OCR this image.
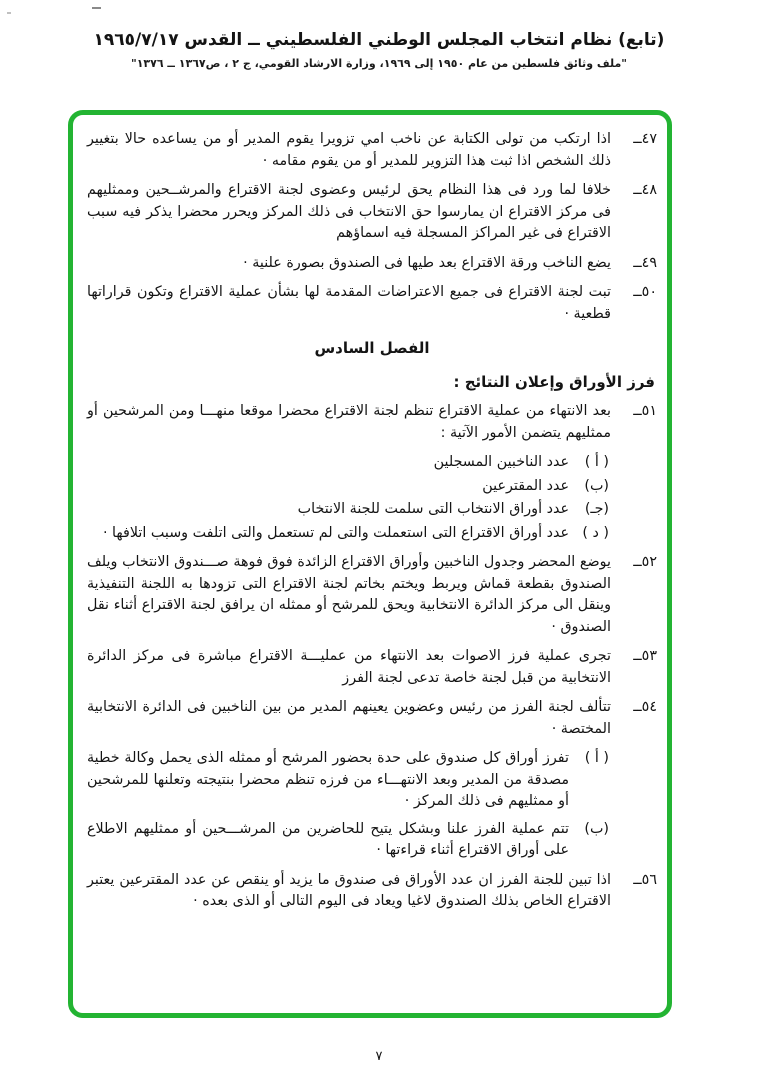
(تابع) نظام انتخاب المجلس الوطني الفلسطيني ــ القدس ١٩٦٥/٧/١٧
"ملف وثائق فلسطين من عام ١٩٥٠ إلى ١٩٦٩، وزارة الارشاد القومي، ج ٢ ، ص١٣٦٧ ــ ١٣٧٦"
٤٧ــ
اذا ارتكب من تولى الكتابة عن ناخب امي تزويرا يقوم المدير أو من يساعده حالا بتغيير ذلك الشخص اذا ثبت هذا التزوير للمدير أو من يقوم مقامه ·
٤٨ــ
خلافا لما ورد فى هذا النظام يحق لرئيس وعضوى لجنة الاقتراع والمرشــحين وممثليهم فى مركز الاقتراع ان يمارسوا حق الانتخاب فى ذلك المركز ويحرر محضرا يذكر فيه سبب الاقتراع فى غير المراكز المسجلة فيه اسماؤهم
٤٩ــ
يضع الناخب ورقة الاقتراع بعد طيها فى الصندوق بصورة علنية ·
٥٠ــ
تبت لجنة الاقتراع فى جميع الاعتراضات المقدمة لها بشأن عملية الاقتراع وتكون قراراتها قطعية ·
الفصل السادس
فرز الأوراق وإعلان النتائج :
٥١ــ
بعد الانتهاء من عملية الاقتراع تنظم لجنة الاقتراع محضرا موقعا منهـــا ومن المرشحين أو ممثليهم يتضمن الأمور الآتية :
( أ )
عدد الناخبين المسجلين
(ب)
عدد المقترعين
(جـ)
عدد أوراق الانتخاب التى سلمت للجنة الانتخاب
( د )
عدد أوراق الاقتراع التى استعملت والتى لم تستعمل والتى اتلفت وسبب اتلافها ·
٥٢ــ
يوضع المحضر وجدول الناخبين وأوراق الاقتراع الزائدة فوق فوهة صـــندوق الانتخاب ويلف الصندوق بقطعة قماش ويربط ويختم بخاتم لجنة الاقتراع التى تزودها به اللجنة التنفيذية وينقل الى مركز الدائرة الانتخابية ويحق للمرشح أو ممثله ان يرافق لجنة الاقتراع أثناء نقل الصندوق ·
٥٣ــ
تجرى عملية فرز الاصوات بعد الانتهاء من عمليـــة الاقتراع مباشرة فى مركز الدائرة الانتخابية من قبل لجنة خاصة تدعى لجنة الفرز
٥٤ــ
تتألف لجنة الفرز من رئيس وعضوين يعينهم المدير من بين الناخبين فى الدائرة الانتخابية المختصة ·
( أ )
تفرز أوراق كل صندوق على حدة بحضور المرشح أو ممثله الذى يحمل وكالة خطية مصدقة من المدير وبعد الانتهـــاء من فرزه تنظم محضرا بنتيجته وتعلنها للمرشحين أو ممثليهم فى ذلك المركز ·
(ب)
تتم عملية الفرز علنا وبشكل يتيح للحاضرين من المرشـــحين أو ممثليهم الاطلاع على أوراق الاقتراع أثناء قراءتها ·
٥٦ــ
اذا تبين للجنة الفرز ان عدد الأوراق فى صندوق ما يزيد أو ينقص عن عدد المقترعين يعتبر الاقتراع الخاص بذلك الصندوق لاغيا ويعاد فى اليوم التالى أو الذى بعده ·
٧
